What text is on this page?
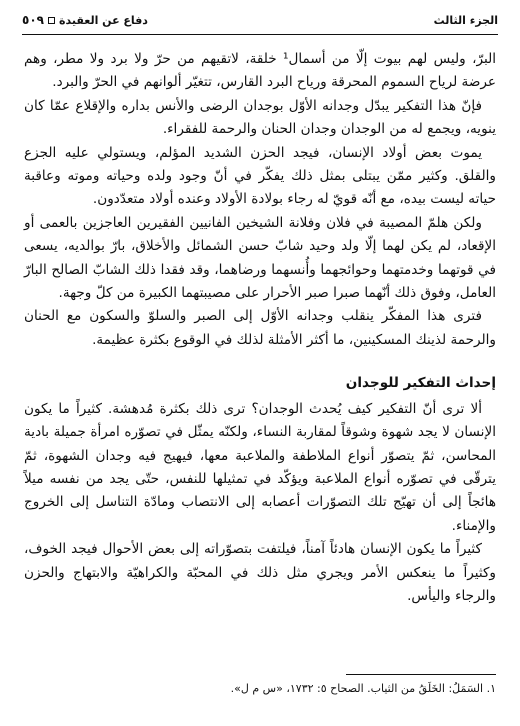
الجزء الثالث
دفاع عن العقيدة
٥٠٩

البرّ، وليس لهم بيوت إلّا من أسمال¹ خلقة، لاتقيهم من حرّ ولا برد ولا مطر، وهم عرضة لرياح السموم المحرقة ورياح البرد القارس، تتغيّر ألوانهم في الحرّ والبرد.

فإنّ هذا التفكير يبدّل وجدانه الأوّل بوجدان الرضى والأنس بداره والإقلاع عمّا كان ينويه، ويجمع له من الوجدان وجدان الحنان والرحمة للفقراء.

يموت بعض أولاد الإنسان، فيجد الحزن الشديد المؤلم، ويستولي عليه الجزع والقلق. وكثير ممّن يبتلى بمثل ذلك يفكّر في أنّ وجود ولده وحياته وموته وعاقبة حياته ليست بيده، مع أنّه قويّ له رجاء بولادة الأولاد وعنده أولاد متعدّدون.

ولكن هلمّ المصيبة في فلان وفلانة الشيخين الفانيين الفقيرين العاجزين بالعمى أو الإقعاد، لم يكن لهما إلّا ولد وحيد شابّ حسن الشمائل والأخلاق، بارّ بوالديه، يسعى في قوتهما وخدمتهما وحوائجهما وأُنسهما ورضاهما، وقد فقدا ذلك الشابّ الصالح البارّ العامل، وفوق ذلك أنّهما صبرا صبر الأحرار على مصيبتهما الكبيرة من كلّ وجهة.

فترى هذا المفكّر ينقلب وجدانه الأوّل إلى الصبر والسلوّ والسكون مع الحنان والرحمة لذينك المسكينين، ما أكثر الأمثلة لذلك في الوقوع بكثرة عظيمة.

إحداث التفكير للوجدان

ألا ترى أنّ التفكير كيف يُحدث الوجدان؟ ترى ذلك بكثرة مُدهشة. كثيراً ما يكون الإنسان لا يجد شهوة وشوقاً لمقاربة النساء، ولكنّه يمثّل في تصوّره امرأة جميلة بادية المحاسن، ثمّ يتصوّر أنواع الملاطفة والملاعبة معها، فيهيج فيه وجدان الشهوة، ثمّ يترقّى في تصوّره أنواع الملاعبة ويؤكّد في تمثيلها للنفس، حتّى يجد من نفسه ميلاً هائجاً إلى أن تهيّج تلك التصوّرات أعصابه إلى الانتصاب ومادّة التناسل إلى الخروج والإمناء.

كثيراً ما يكون الإنسان هادئاً آمناً، فيلتفت بتصوّراته إلى بعض الأحوال فيجد الخوف، وكثيراً ما ينعكس الأمر ويجري مثل ذلك في المحبّة والكراهيّة والابتهاج والحزن والرجاء واليأس.

١. السَمَلُ: الخَلَقُ من الثياب. الصحاح ٥: ١٧٣٢، «س م ل».
